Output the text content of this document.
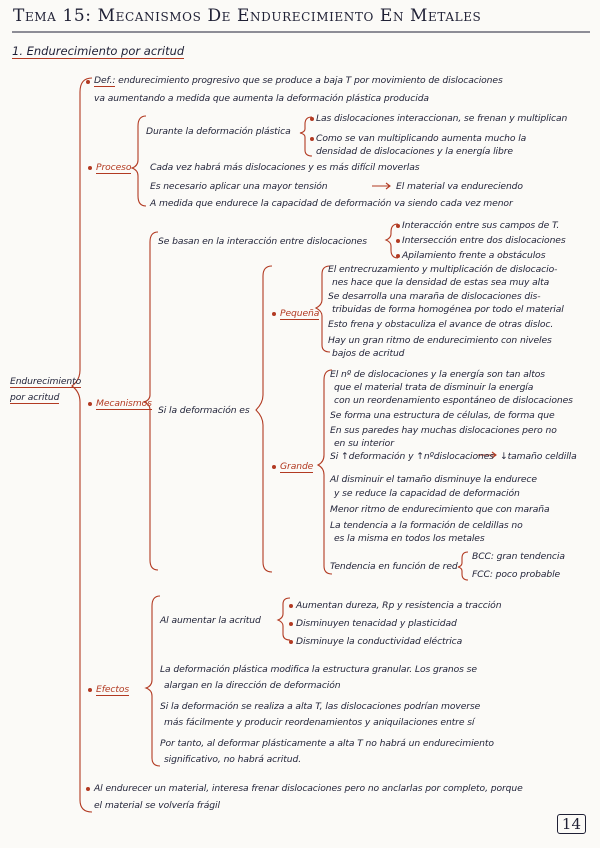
Tema 15: Mecanismos De Endurecimiento En Metales
1. Endurecimiento por acritud
Endurecimiento por acritud
Def.: endurecimiento progresivo que se produce a baja T por movimiento de dislocaciones
va aumentando a medida que aumenta la deformación plástica producida
Proceso
Durante la deformación plástica
Las dislocaciones interaccionan, se frenan y multiplican
Como se van multiplicando aumenta mucho la
densidad de dislocaciones y la energía libre
Cada vez habrá más dislocaciones y es más difícil moverlas
Es necesario aplicar una mayor tensión	El material va endureciendo
A medida que endurece la capacidad de deformación va siendo cada vez menor
Mecanismos
Se basan en la interacción entre dislocaciones
Interacción entre sus campos de T.
Intersección entre dos dislocaciones
Apilamiento frente a obstáculos
Si la deformación es
Pequeña
El entrecruzamiento y multiplicación de dislocacio-
nes hace que la densidad de estas sea muy alta
Se desarrolla una maraña de dislocaciones dis-
tribuidas de forma homogénea por todo el material
Esto frena y obstaculiza el avance de otras disloc.
Hay un gran ritmo de endurecimiento con niveles
bajos de acritud
Grande
El nº de dislocaciones y la energía son tan altos
que el material trata de disminuir la energía
con un reordenamiento espontáneo de dislocaciones
Se forma una estructura de células, de forma que
En sus paredes hay muchas dislocaciones pero no
en su interior
Si ↑deformación y ↑nºdislocaciones ↓tamaño celdilla
Al disminuir el tamaño disminuye la endurece
y se reduce la capacidad de deformación
Menor ritmo de endurecimiento que con maraña
La tendencia a la formación de celdillas no
es la misma en todos los metales
Tendencia en función de red
BCC: gran tendencia
FCC: poco probable
Efectos
Al aumentar la acritud
Aumentan dureza, Rp y resistencia a tracción
Disminuyen tenacidad y plasticidad
Disminuye la conductividad eléctrica
La deformación plástica modifica la estructura granular. Los granos se
alargan en la dirección de deformación
Si la deformación se realiza a alta T, las dislocaciones podrían moverse
más fácilmente y producir reordenamientos y aniquilaciones entre sí
Por tanto, al deformar plásticamente a alta T no habrá un endurecimiento
significativo, no habrá acritud.
Al endurecer un material, interesa frenar dislocaciones pero no anclarlas por completo, porque
el material se volvería frágil
14
